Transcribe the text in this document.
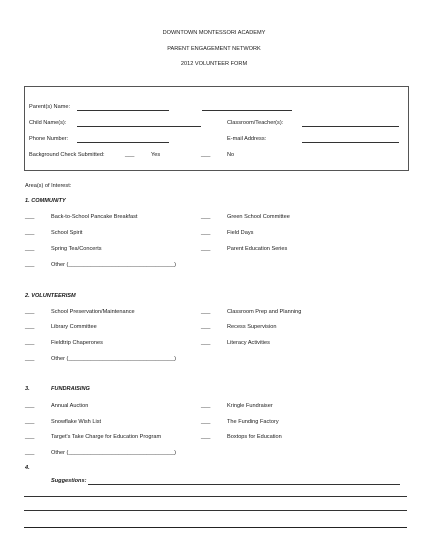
DOWNTOWN MONTESSORI ACADEMY
PARENT ENGAGEMENT NETWORK
2012 VOLUNTEER FORM
Parent(s) Name:
Child Name(s):	Classroom/Teacher(s):
Phone Number:	E-mail Address:
Background Check Submitted:	___	Yes	___	No
Area(s) of Interest:
1. COMMUNITY
___	Back-to-School Pancake Breakfast	___	Green School Committee
___	School Spirit	___	Field Days
___	Spring Tea/Concerts	___	Parent Education Series
___	Other (__________________________________)
2. VOLUNTEERISM
___	School Preservation/Maintenance	___	Classroom Prep and Planning
___	Library Committee	___	Recess Supervision
___	Fieldtrip Chaperones	___	Literacy Activities
___	Other (__________________________________)
3.	FUNDRAISING
___	Annual Auction	___	Kringle Fundraiser
___	Snowflake Wish List	___	The Funding Factory
___	Target's Take Charge for Education Program	___	Boxtops for Education
___	Other (__________________________________)
4.
Suggestions:
